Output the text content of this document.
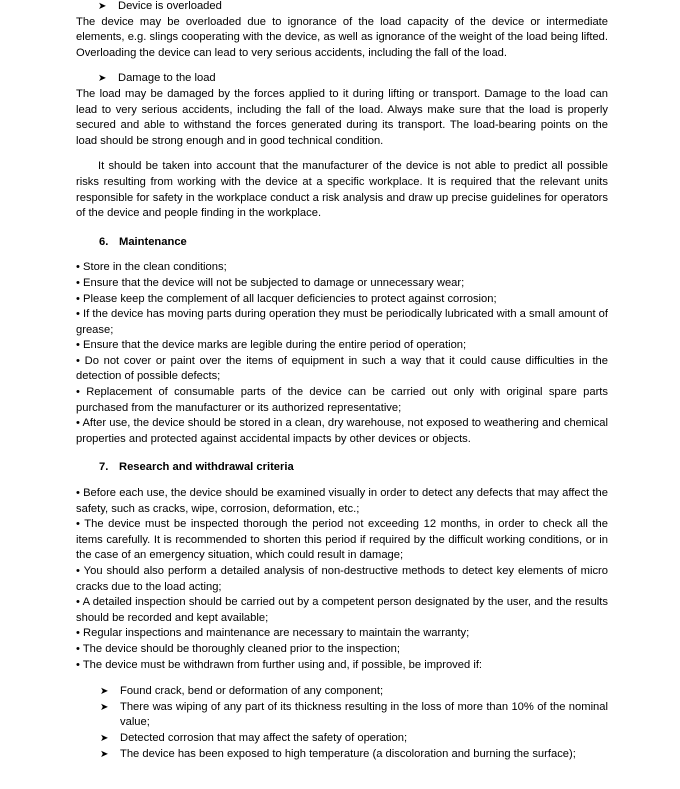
➤	Device is overloaded

The device may be overloaded due to ignorance of the load capacity of the device or intermediate elements, e.g. slings cooperating with the device, as well as ignorance of the weight of the load being lifted. Overloading the device can lead to very serious accidents, including the fall of the load.

➤	Damage to the load

The load may be damaged by the forces applied to it during lifting or transport. Damage to the load can lead to very serious accidents, including the fall of the load. Always make sure that the load is properly secured and able to withstand the forces generated during its transport. The load-bearing points on the load should be strong enough and in good technical condition.

It should be taken into account that the manufacturer of the device is not able to predict all possible risks resulting from working with the device at a specific workplace. It is required that the relevant units responsible for safety in the workplace conduct a risk analysis and draw up precise guidelines for operators of the device and people finding in the workplace.

6. Maintenance

• Store in the clean conditions;

• Ensure that the device will not be subjected to damage or unnecessary wear;

• Please keep the complement of all lacquer deficiencies to protect against corrosion;

• If the device has moving parts during operation they must be periodically lubricated with a small amount of grease;

• Ensure that the device marks are legible during the entire period of operation;

• Do not cover or paint over the items of equipment in such a way that it could cause difficulties in the detection of possible defects;

• Replacement of consumable parts of the device can be carried out only with original spare parts purchased from the manufacturer or its authorized representative;

• After use, the device should be stored in a clean, dry warehouse, not exposed to weathering and chemical properties and protected against accidental impacts by other devices or objects.

7. Research and withdrawal criteria

• Before each use, the device should be examined visually in order to detect any defects that may affect the safety, such as cracks, wipe, corrosion, deformation, etc.;

• The device must be inspected thorough the period not exceeding 12 months, in order to check all the items carefully. It is recommended to shorten this period if required by the difficult working conditions, or in the case of an emergency situation, which could result in damage;

• You should also perform a detailed analysis of non-destructive methods to detect key elements of micro cracks due to the load acting;

• A detailed inspection should be carried out by a competent person designated by the user, and the results should be recorded and kept available;

• Regular inspections and maintenance are necessary to maintain the warranty;

• The device should be thoroughly cleaned prior to the inspection;

• The device must be withdrawn from further using and, if possible, be improved if:

➤	Found crack, bend or deformation of any component;
➤	There was wiping of any part of its thickness resulting in the loss of more than 10% of the nominal value;
➤	Detected corrosion that may affect the safety of operation;
➤	The device has been exposed to high temperature (a discoloration and burning the surface);
